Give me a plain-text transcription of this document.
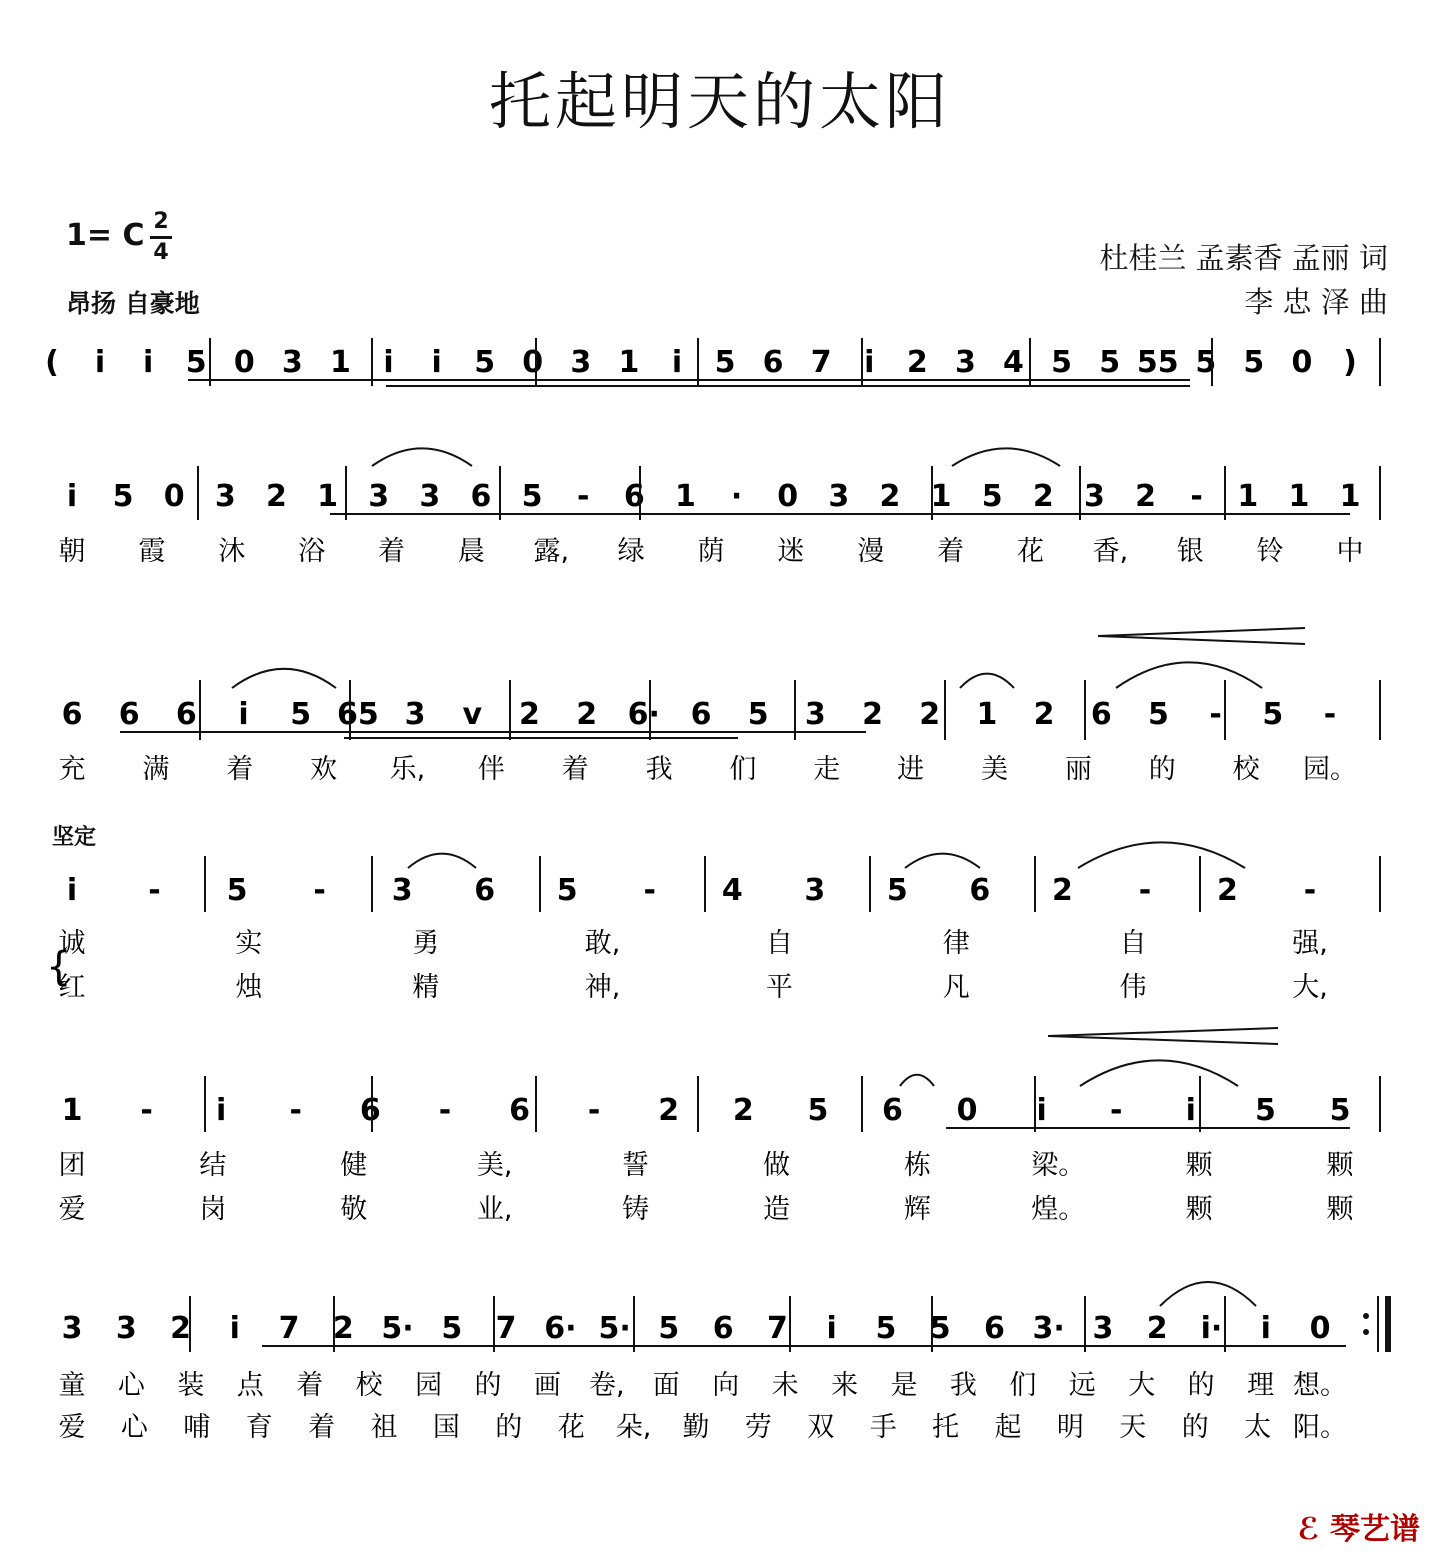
托起明天的太阳
1= C 2
4
昂扬 自豪地
坚定
杜桂兰 孟素香 孟丽 词
李 忠 泽 曲
( i i 5 0 3 1 i i 5 0 3 1 i 5 6 7 i 2 3 4 5 5 55 5 5 0 )
i 5 0 3 2 1 3 3 6 5 - 6 1 · 0 3 2 1 5 2 3 2 - 1 1 1
朝 霞 沐 浴 着 晨 露, 绿 荫 迷 漫 着 花 香, 银 铃 中
6 6 6 i 5 65 3 v 2 2 6· 6 5 3 2 2 1 2 6 5 - 5 -
充 满 着 欢 乐, 伴 着 我 们 走 进 美 丽 的 校 园。
i - 5 - 3 6 5 - 4 3 5 6 2 - 2 -
诚	实	勇	敢,	自	律	自	强,
红	烛	精	神,	平	凡	伟	大,
1 - i - 6 - 6 - 2 2 5 6 0 i - i 5 5
团	结	健	美,	誓	做	栋	梁。	颗	颗
爱	岗	敬	业,	铸	造	辉	煌。	颗	颗
3 3 2 i 7 2 5· 5 7 6· 5· 5 6 7 i 5 5 6 3· 3 2 i· i 0
童 心 装 点 着 校 园 的 画 卷, 面 向 未 来 是 我 们 远 大 的 理 想。
爱 心 哺 育 着 祖 国 的 花 朵, 勤 劳 双 手 托 起 明 天 的 太 阳。
{
ℰ 琴艺谱
